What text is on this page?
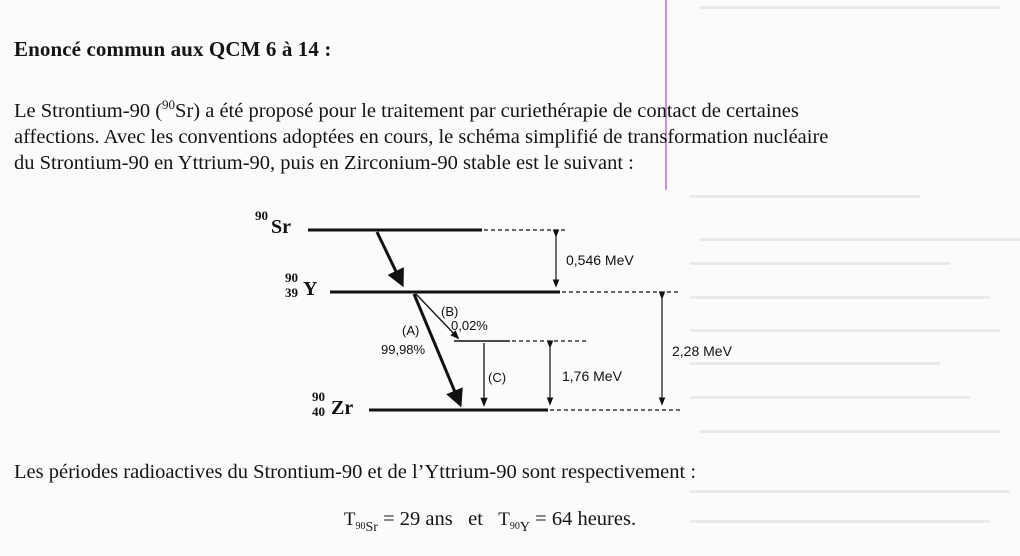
Enoncé commun aux QCM 6 à 14 :
Le Strontium-90 ($^{90}$Sr) a été proposé pour le traitement par curiethérapie de contact de certaines
affections. Avec les conventions adoptées en cours, le schéma simplifié de transformation nucléaire
du Strontium-90 en Yttrium-90, puis en Zirconium-90 stable est le suivant :
90
Sr
90
39 Y
90
40 Zr
(B)
0,02%
(A)
99,98%
(C)
0,546 MeV
2,28 MeV
1,76 MeV
Les périodes radioactives du Strontium-90 et de l’Yttrium-90 sont respectivement :
$T_{90Sr} = 29$ ans et $T_{90Y} = 64$ heures.
